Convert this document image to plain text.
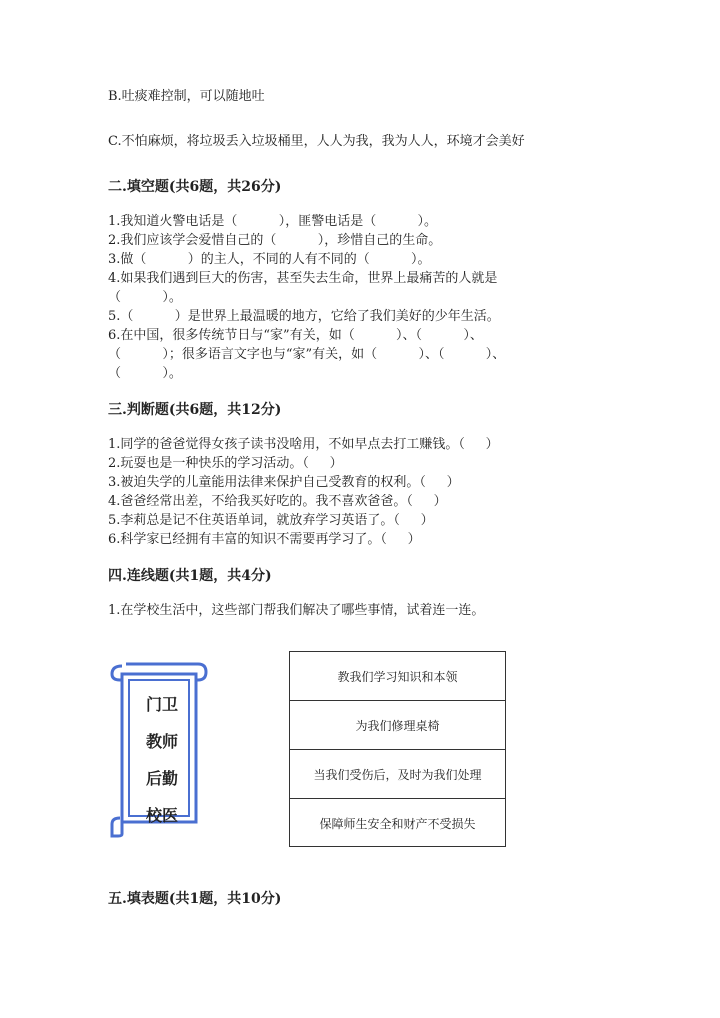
B.吐痰难控制，可以随地吐
C.不怕麻烦，将垃圾丢入垃圾桶里，人人为我，我为人人，环境才会美好
二.填空题(共6题，共26分)
1.我知道火警电话是（          ），匪警电话是（          ）。
2.我们应该学会爱惜自己的（          ），珍惜自己的生命。
3.做（          ）的主人，不同的人有不同的（          ）。
4.如果我们遇到巨大的伤害，甚至失去生命，世界上最痛苦的人就是
（          ）。
5.（          ）是世界上最温暖的地方，它给了我们美好的少年生活。
6.在中国，很多传统节日与“家”有关，如（          ）、（          ）、
（          ）；很多语言文字也与“家”有关，如（          ）、（          ）、
（          ）。
三.判断题(共6题，共12分)
1.同学的爸爸觉得女孩子读书没啥用，不如早点去打工赚钱。（     ）
2.玩耍也是一种快乐的学习活动。（     ）
3.被迫失学的儿童能用法律来保护自己受教育的权利。（     ）
4.爸爸经常出差，不给我买好吃的。我不喜欢爸爸。（     ）
5.李莉总是记不住英语单词，就放弃学习英语了。（     ）
6.科学家已经拥有丰富的知识不需要再学习了。（     ）
四.连线题(共1题，共4分)
1.在学校生活中，这些部门帮我们解决了哪些事情，试着连一连。
门卫
教师
后勤
校医
教我们学习知识和本领
为我们修理桌椅
当我们受伤后，及时为我们处理
保障师生安全和财产不受损失
五.填表题(共1题，共10分)
